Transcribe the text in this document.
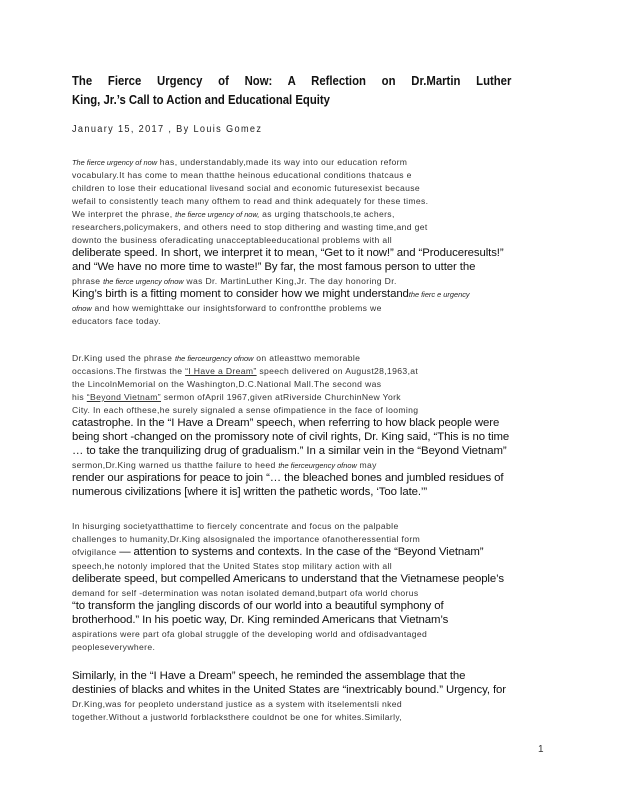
The Fierce Urgency of Now: A Reflection on Dr.Martin Luther
King, Jr.’s Call to Action and Educational Equity
January 15, 2017 , By Louis Gomez
The fierce urgency of now has, understandably,made its way into our education reform
vocabulary.It has come to mean thatthe heinous educational conditions thatcaus e
children to lose their educational livesand social and economic futuresexist because
wefail to consistently teach many ofthem to read and think adequately for these times.
We interpret the phrase, the fierce urgency of now, as urging thatschools,te achers,
researchers,policymakers, and others need to stop dithering and wasting time,and get
downto the business oferadicating unacceptableeducational problems with all
deliberate speed. In short, we interpret it to mean, “Get to it now!” and “Produceresults!”
and “We have no more time to waste!” By far, the most famous person to utter the
phrase the fierce urgency ofnow was Dr. MartinLuther King,Jr. The day honoring Dr.
King’s birth is a fitting moment to consider how we might understandthe fierc e urgency
ofnow and how wemighttake our insightsforward to confrontthe problems we
educators face today.
Dr.King used the phrase the fierceurgency ofnow on atleasttwo memorable
occasions.The firstwas the “I Have a Dream” speech delivered on August28,1963,at
the LincolnMemorial on the Washington,D.C.National Mall.The second was
his “Beyond Vietnam” sermon ofApril 1967,given atRiverside ChurchinNew York
City. In each ofthese,he surely signaled a sense ofimpatience in the face of looming
catastrophe. In the “I Have a Dream” speech, when referring to how black people were
being short -changed on the promissory note of civil rights, Dr. King said, “This is no time
… to take the tranquilizing drug of gradualism.” In a similar vein in the “Beyond Vietnam”
sermon,Dr.King warned us thatthe failure to heed the fierceurgency ofnow may
render our aspirations for peace to join “… the bleached bones and jumbled residues of
numerous civilizations [where it is] written the pathetic words, ‘Too late.’”
In hisurging societyatthattime to fiercely concentrate and focus on the palpable
challenges to humanity,Dr.King alsosignaled the importance ofanotheressential form
ofvigilance — attention to systems and contexts. In the case of the “Beyond Vietnam”
speech,he notonly implored that the United States stop military action with all
deliberate speed, but compelled Americans to understand that the Vietnamese people’s
demand for self -determination was notan isolated demand,butpart ofa world chorus
“to transform the jangling discords of our world into a beautiful symphony of
brotherhood.” In his poetic way, Dr. King reminded Americans that Vietnam’s
aspirations were part ofa global struggle of the developing world and ofdisadvantaged
peopleseverywhere.
Similarly, in the “I Have a Dream” speech, he reminded the assemblage that the
destinies of blacks and whites in the United States are “inextricably bound.” Urgency, for
Dr.King,was for peopleto understand justice as a system with itselementsli nked
together.Without a justworld forblacksthere couldnot be one for whites.Similarly,
1
